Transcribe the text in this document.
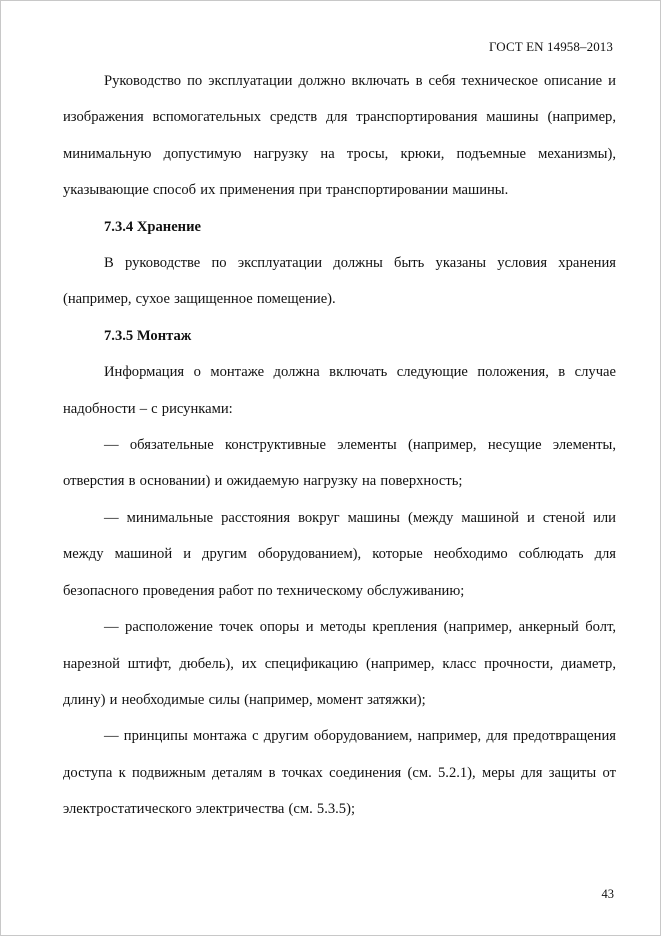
ГОСТ EN 14958–2013

Руководство по эксплуатации должно включать в себя техническое описание и изображения вспомогательных средств для транспортирования машины (например, минимальную допустимую нагрузку на тросы, крюки, подъемные механизмы), указывающие способ их применения при транспортировании машины.

7.3.4 Хранение

В руководстве по эксплуатации должны быть указаны условия хранения (например, сухое защищенное помещение).

7.3.5 Монтаж

Информация о монтаже должна включать следующие положения, в случае надобности – с рисунками:

— обязательные конструктивные элементы (например, несущие элементы, отверстия в основании) и ожидаемую нагрузку на поверхность;

— минимальные расстояния вокруг машины (между машиной и стеной или между машиной и другим оборудованием), которые необходимо соблюдать для безопасного проведения работ по техническому обслуживанию;

— расположение точек опоры и методы крепления (например, анкерный болт, нарезной штифт, дюбель), их спецификацию (например, класс прочности, диаметр, длину) и необходимые силы (например, момент затяжки);

— принципы монтажа с другим оборудованием, например, для предотвращения доступа к подвижным деталям в точках соединения (см. 5.2.1), меры для защиты от электростатического электричества (см. 5.3.5);

43
